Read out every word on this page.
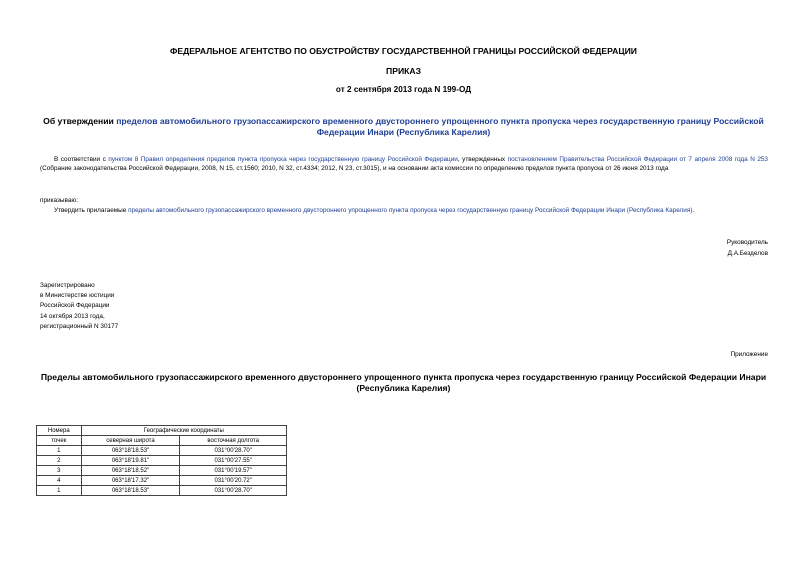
ФЕДЕРАЛЬНОЕ АГЕНТСТВО ПО ОБУСТРОЙСТВУ ГОСУДАРСТВЕННОЙ ГРАНИЦЫ РОССИЙСКОЙ ФЕДЕРАЦИИ
ПРИКАЗ
от 2 сентября 2013 года N 199-ОД
Об утверждении пределов автомобильного грузопассажирского временного двустороннего упрощенного пункта пропуска через государственную границу Российской Федерации Инари (Республика Карелия)
В соответствии с пунктом 8 Правил определения пределов пункта пропуска через государственную границу Российской Федерации, утвержденных постановлением Правительства Российской Федерации от 7 апреля 2008 года N 253 (Собрание законодательства Российской Федерации, 2008, N 15, ст.1560; 2010, N 32, ст.4334; 2012, N 23, ст.3015), и на основании акта комиссии по определению пределов пункта пропуска от 26 июня 2013 года
приказываю:
Утвердить прилагаемые пределы автомобильного грузопассажирского временного двустороннего упрощенного пункта пропуска через государственную границу Российской Федерации Инари (Республика Карелия).
Руководитель
Д.А.Безделов
Зарегистрировано
в Министерстве юстиции
Российской Федерации
14 октября 2013 года,
регистрационный N 30177
Приложение
Пределы автомобильного грузопассажирского временного двустороннего упрощенного пункта пропуска через государственную границу Российской Федерации Инари (Республика Карелия)
Номера	Географические координаты	
точек	северная широта	восточная долгота
1	063°18'18.53"	031°00'28.70"
2	063°18'19.81"	031°00'27.55"
3	063°18'18.52"	031°00'19.57"
4	063°18'17.32"	031°00'20.72"
1	063°18'18.53"	031°00'28.70"
